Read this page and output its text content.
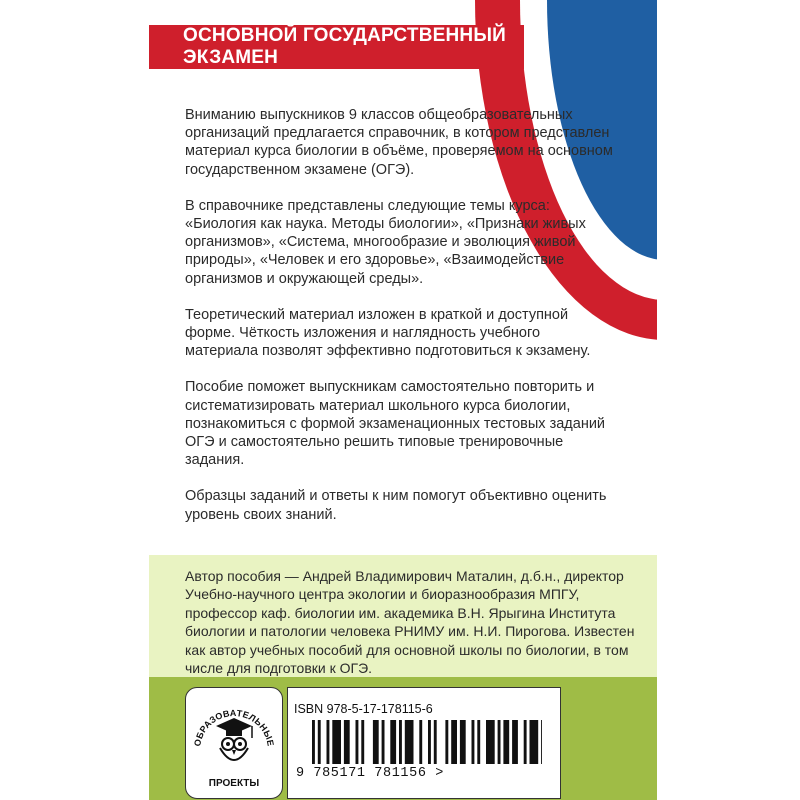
ОСНОВНОЙ ГОСУДАРСТВЕННЫЙ ЭКЗАМЕН

Вниманию выпускников 9 классов общеобразовательных организаций предлагается справочник, в котором представлен материал курса биологии в объёме, проверяемом на основном государственном экзамене (ОГЭ).

В справочнике представлены следующие темы курса: «Биология как наука. Методы биологии», «Признаки живых организмов», «Система, многообразие и эволюция живой природы», «Человек и его здоровье», «Взаимодействие организмов и окружающей среды».

Теоретический материал изложен в краткой и доступной форме. Чёткость изложения и наглядность учебного материала позволят эффективно подготовиться к экзамену.

Пособие поможет выпускникам самостоятельно повторить и систематизировать материал школьного курса биологии, познакомиться с формой экзаменационных тестовых заданий ОГЭ и самостоятельно решить типовые тренировочные задания.

Образцы заданий и ответы к ним помогут объективно оценить уровень своих знаний.

Автор пособия — Андрей Владимирович Маталин, д.б.н., директор Учебно-научного центра экологии и биоразнообразия МПГУ, профессор каф. биологии им. академика В.Н. Ярыгина Института биологии и патологии человека РНИМУ им. Н.И. Пирогова. Известен как автор учебных пособий для основной школы по биологии, в том числе для подготовки к ОГЭ.
ОБРАЗОВАТЕЛЬНЫЕ
ПРОЕКТЫ
ISBN 978-5-17-178115-6
9 785171 781156 >
